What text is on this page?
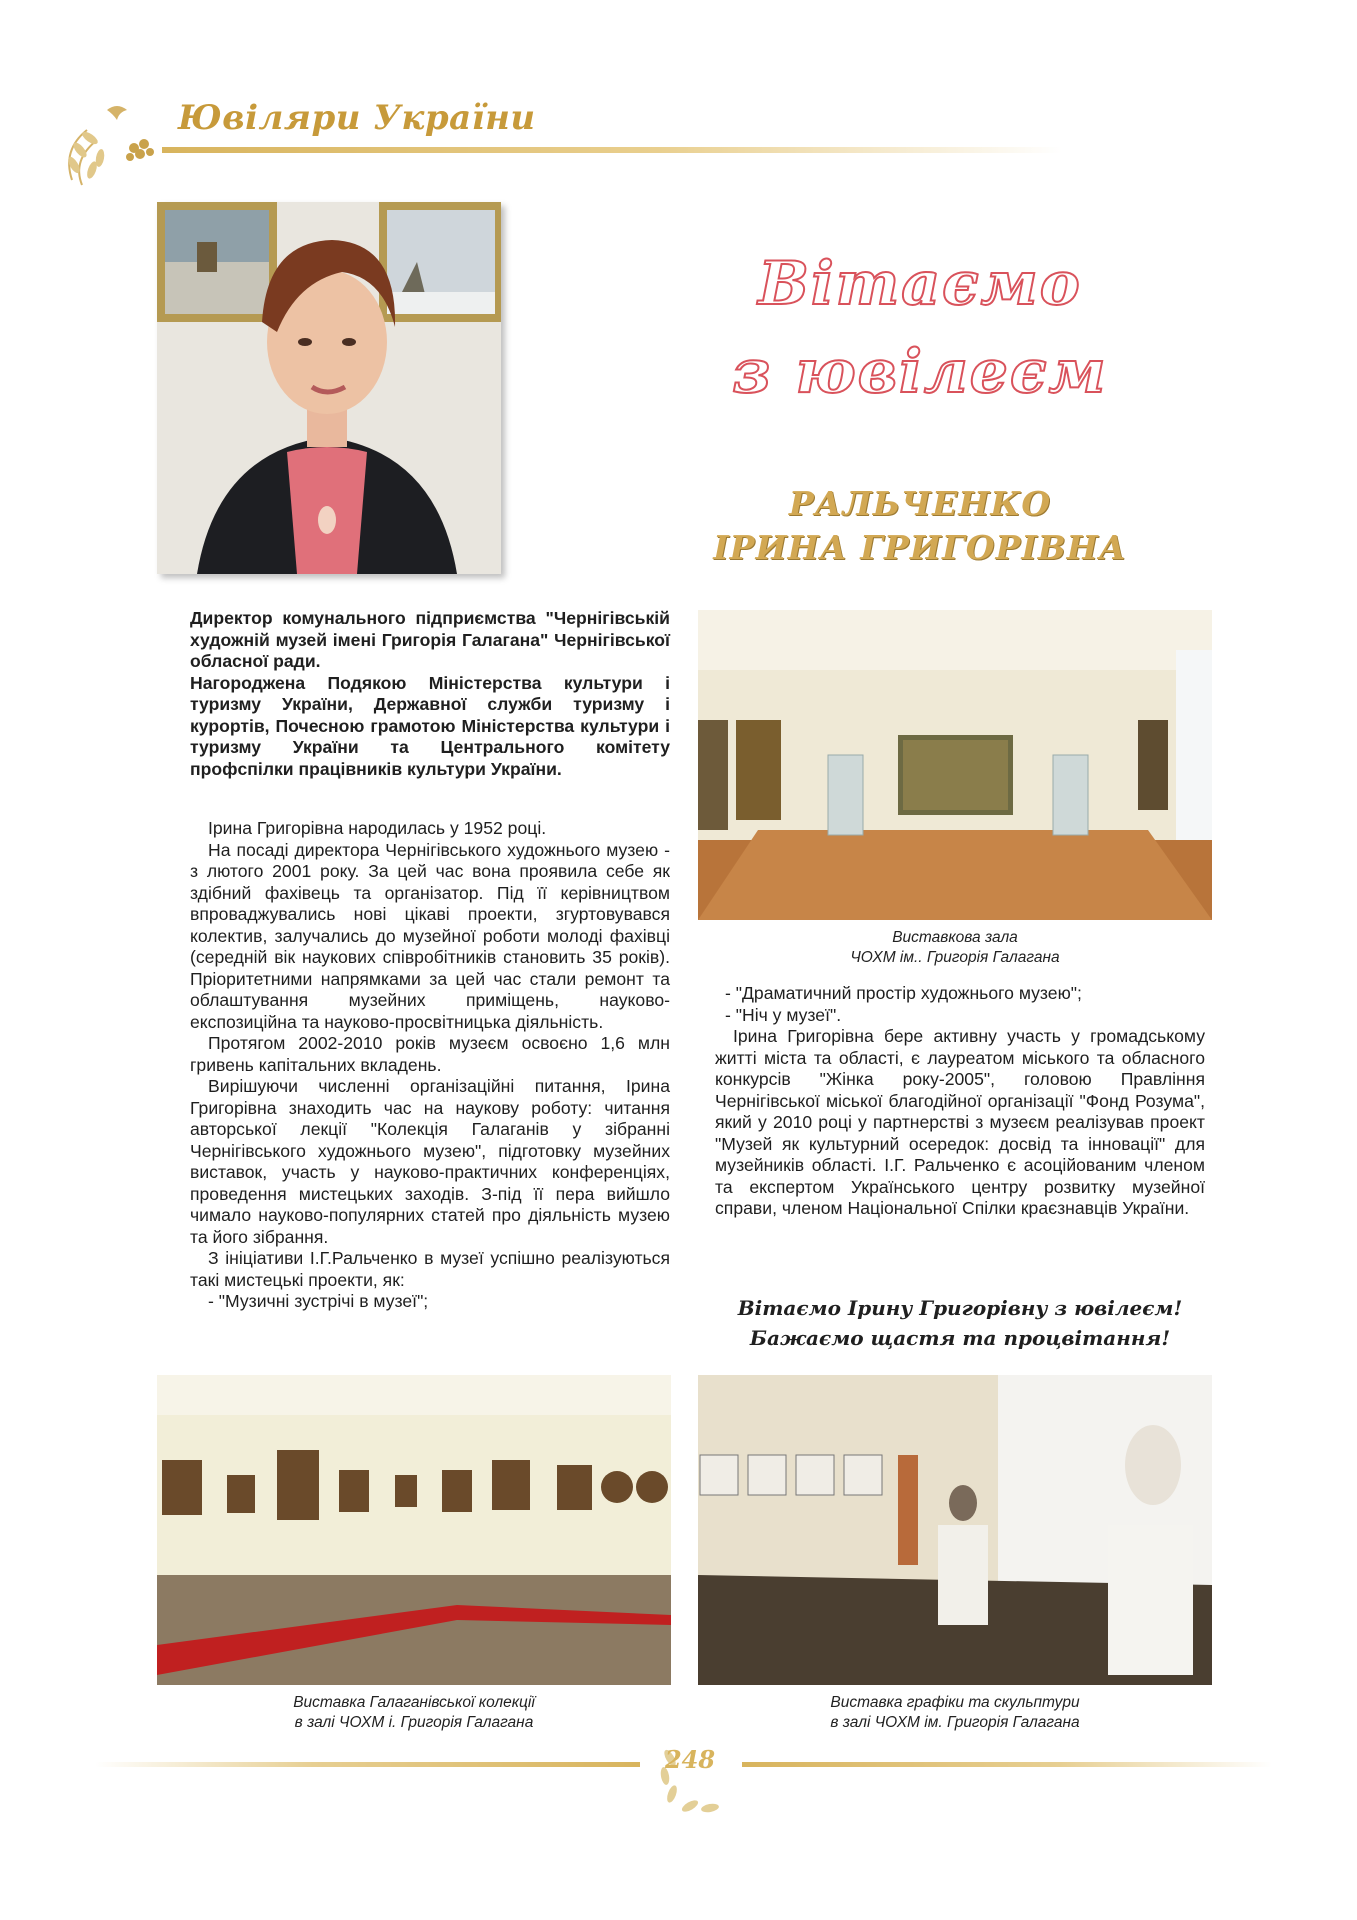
Ювіляри України
Вітаємо
з ювілеєм
РАЛЬЧЕНКО
ІРИНА ГРИГОРІВНА

Директор комунального підприємства "Чернігівській художній музей імені Григорія Галагана" Чернігівської обласної ради.

Нагороджена Подякою Міністерства культури і туризму України, Державної служби туризму і курортів, Почесною грамотою Міністерства культури і туризму України та Центрального комітету профспілки працівників культури України.

Ірина Григорівна народилась у 1952 році.

На посаді директора Чернігівського художнього музею - з лютого 2001 року. За цей час вона проявила себе як здібний фахівець та організатор. Під її керівництвом впроваджувались нові цікаві проекти, згуртовувався колектив, залучались до музейної роботи молоді фахівці (середній вік наукових співробітників становить 35 років). Пріоритетними напрямками за цей час стали ремонт та облаштування музейних приміщень, науково-експозиційна та науково-просвітницька діяльність.

Протягом 2002-2010 років музеєм освоєно 1,6 млн гривень капітальних вкладень.

Вирішуючи численні організаційні питання, Ірина Григорівна знаходить час на наукову роботу: читання авторської лекції "Колекція Галаганів у зібранні Чернігівського художнього музею", підготовку музейних виставок, участь у науково-практичних конференціях, проведення мистецьких заходів. З-під її пера вийшло чимало науково-популярних статей про діяльність музею та його зібрання.

З ініціативи І.Г.Ральченко в музеї успішно реалізуються такі мистецькі проекти, як:

- "Музичні зустрічі в музеї";

Виставкова зала
ЧОХМ ім.. Григорія Галагана

- "Драматичний простір художнього музею";

- "Ніч у музеї".

Ірина Григорівна бере активну участь у громадському житті міста та області, є лауреатом міського та обласного конкурсів "Жінка року-2005", головою Правління Чернігівської міської благодійної організації "Фонд Розума", який у 2010 році у партнерстві з музеєм реалізував проект "Музей як культурний осередок: досвід та інновації" для музейників області. І.Г. Ральченко є асоційованим членом та експертом Українського центру розвитку музейної справи, членом Національної Спілки краєзнавців України.

Вітаємо Ірину Григорівну з ювілеєм!
Бажаємо щастя та процвітання!
Виставка Галаганівської колекції
в залі ЧОХМ і. Григорія Галагана
Виставка графіки та скульптури
в залі ЧОХМ ім. Григорія Галагана
248
